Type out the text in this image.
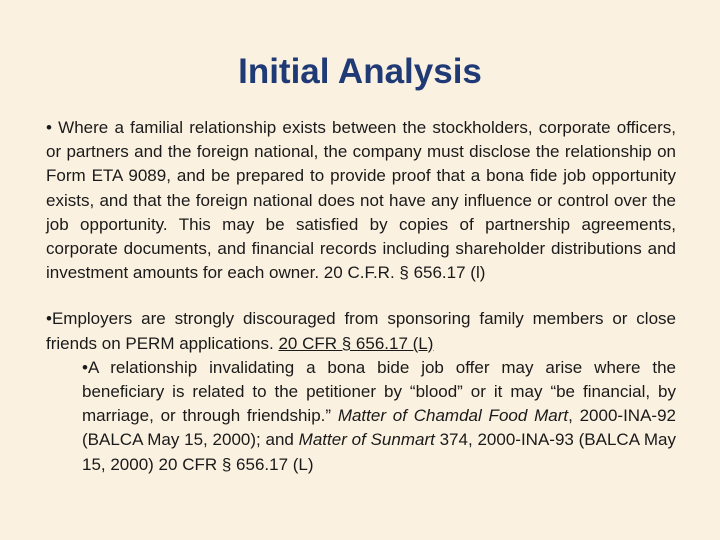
Initial Analysis

• Where a familial relationship exists between the stockholders, corporate officers, or partners and the foreign national, the company must disclose the relationship on Form ETA 9089, and be prepared to provide proof that a bona fide job opportunity exists, and that the foreign national does not have any influence or control over the job opportunity. This may be satisfied by copies of partnership agreements, corporate documents, and financial records including shareholder distributions and investment amounts for each owner. 20 C.F.R. § 656.17 (l)

•Employers are strongly discouraged from sponsoring family members or close friends on PERM applications. 20 CFR § 656.17 (L)

•A relationship invalidating a bona bide job offer may arise where the beneficiary is related to the petitioner by “blood” or it may “be financial, by marriage, or through friendship.” Matter of Chamdal Food Mart, 2000-INA-92 (BALCA May 15, 2000); and Matter of Sunmart 374, 2000-INA-93 (BALCA May 15, 2000) 20 CFR § 656.17 (L)
